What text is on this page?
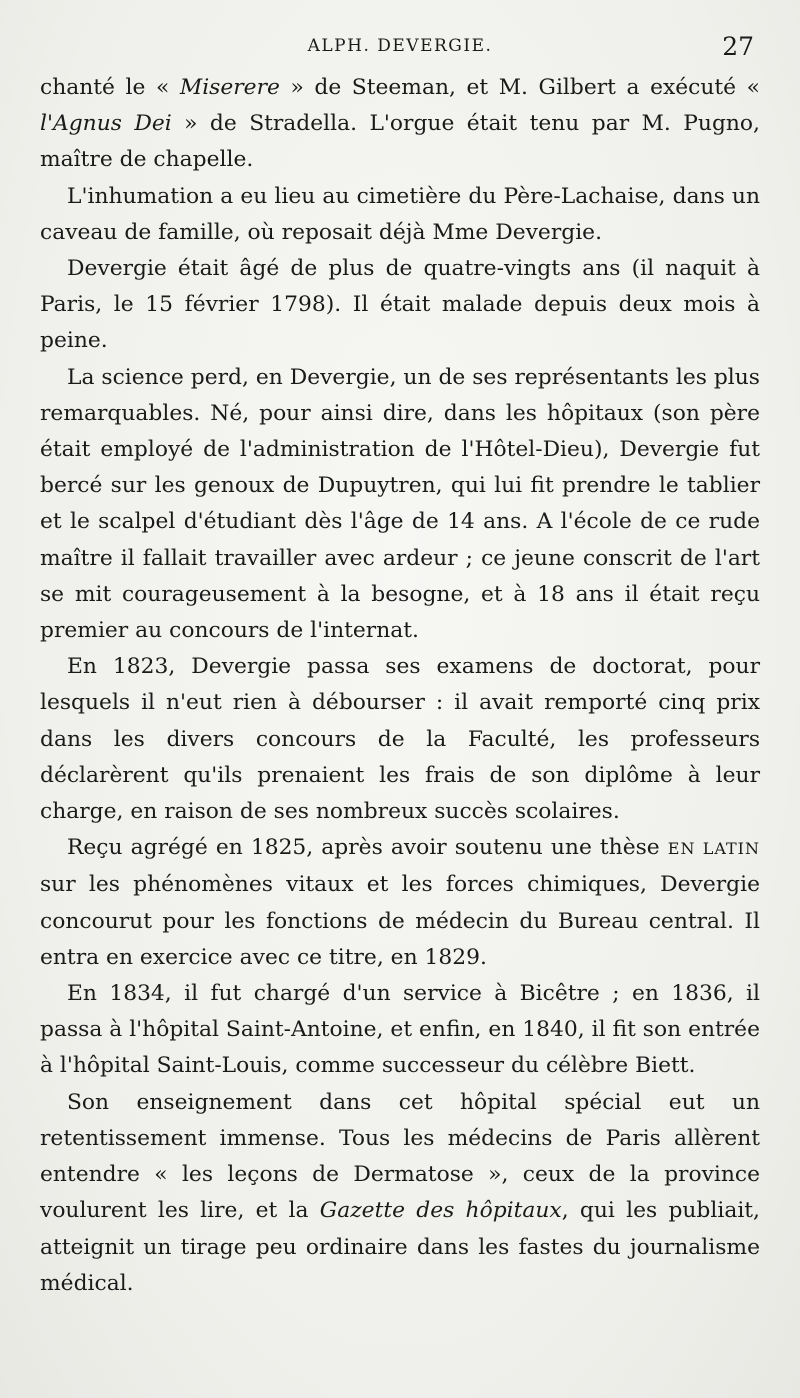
ALPH. DEVERGIE.	27

chanté le « Miserere » de Steeman, et M. Gilbert a exécuté « l'Agnus Dei » de Stradella. L'orgue était tenu par M. Pugno, maître de chapelle.

L'inhumation a eu lieu au cimetière du Père-Lachaise, dans un caveau de famille, où reposait déjà Mme Devergie.

Devergie était âgé de plus de quatre-vingts ans (il naquit à Paris, le 15 février 1798). Il était malade depuis deux mois à peine.

La science perd, en Devergie, un de ses représentants les plus remarquables. Né, pour ainsi dire, dans les hôpitaux (son père était employé de l'administration de l'Hôtel-Dieu), Devergie fut bercé sur les genoux de Dupuytren, qui lui fit prendre le tablier et le scalpel d'étudiant dès l'âge de 14 ans. A l'école de ce rude maître il fallait travailler avec ardeur ; ce jeune conscrit de l'art se mit courageusement à la besogne, et à 18 ans il était reçu premier au concours de l'internat.

En 1823, Devergie passa ses examens de doctorat, pour lesquels il n'eut rien à débourser : il avait remporté cinq prix dans les divers concours de la Faculté, les professeurs déclarèrent qu'ils prenaient les frais de son diplôme à leur charge, en raison de ses nombreux succès scolaires.

Reçu agrégé en 1825, après avoir soutenu une thèse EN LATIN sur les phénomènes vitaux et les forces chimiques, Devergie concourut pour les fonctions de médecin du Bureau central. Il entra en exercice avec ce titre, en 1829.

En 1834, il fut chargé d'un service à Bicêtre ; en 1836, il passa à l'hôpital Saint-Antoine, et enfin, en 1840, il fit son entrée à l'hôpital Saint-Louis, comme successeur du célèbre Biett.

Son enseignement dans cet hôpital spécial eut un retentissement immense. Tous les médecins de Paris allèrent entendre « les leçons de Dermatose », ceux de la province voulurent les lire, et la Gazette des hôpitaux, qui les publiait, atteignit un tirage peu ordinaire dans les fastes du journalisme médical.
